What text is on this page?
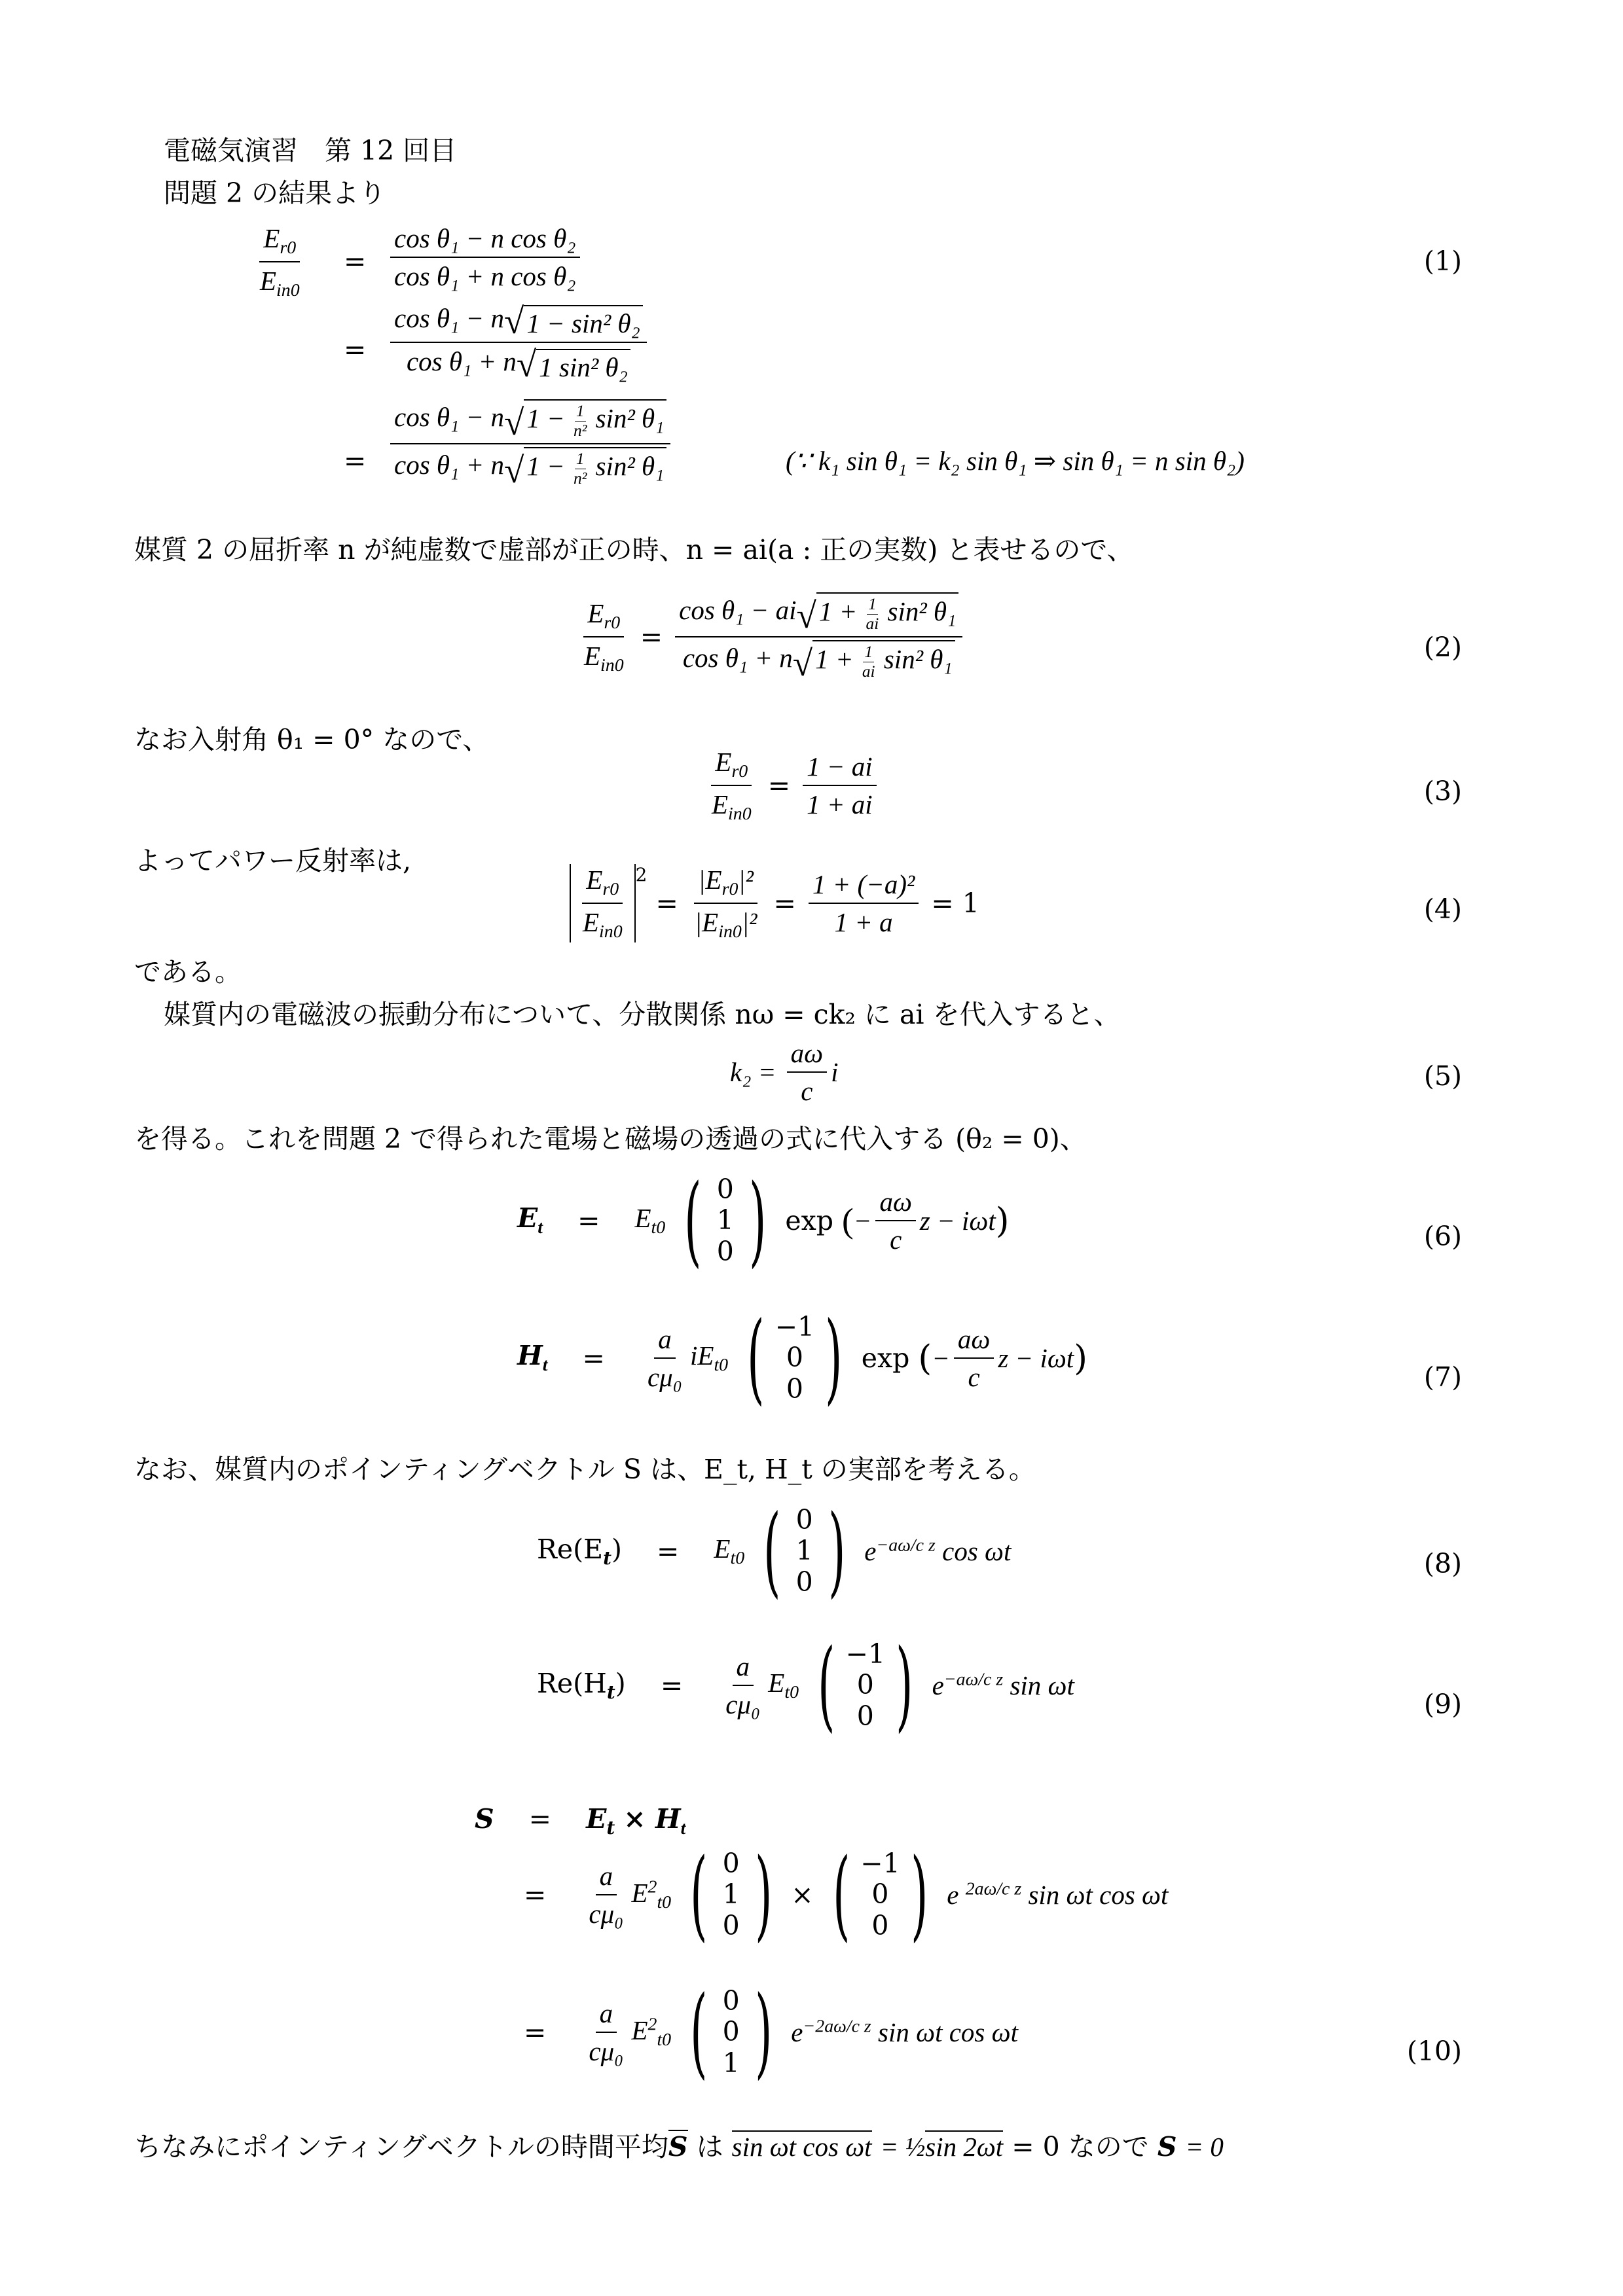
電磁気演習　第 12 回目
問題 2 の結果より
$\frac{E_{r0}}{E_{in0}} = \frac{\text{cos θ₁ − n cos θ₂}}{\text{cos θ₁ + n cos θ₂}}$	(1)
= $\frac{\text{cos θ₁ − n √ 1 − sin² θ₂}}{\text{cos θ₁ + n √ 1 sin² θ₂}}$
= $\frac{\cos \theta_1 - n √ 1 - \frac{1}{\text{n²}} \sin^2 \theta_1}{\cos \theta_1 + n √ 1 - \frac{1}{\text{n²}} \sin^2 \theta_1}$	(∵ k₁ sin θ₁ = k₂ sin θ₁ ⇒ sin θ₁ = n sin θ₂)
媒質 2 の屈折率 n が純虚数で虚部が正の時、n = ai(a : 正の実数) と表せるので、
$\frac{E_{r0}}{E_{in0}} = \frac{\cos \theta_1 - ai √ 1 + \frac{1}{ai} \sin^2 \theta_1}{\cos \theta_1 + n √ 1 + \frac{1}{ai} \sin^2 \theta_1}$	(2)
なお入射角 θ₁ = 0° なので、
$\frac{E_{r0}}{E_{in0}} = \frac{1 - ai}{1 + ai}$	(3)
よってパワー反射率は,
$\frac{E_{r0}}{E_{in0}} ^2 = \frac{|E_{r0}|^2}{|E_{in0}|^2} = \frac{\text{1 + (−a)²}}{1 + a} = 1$	(4)
である。
媒質内の電磁波の振動分布について、分散関係 nω = ck₂ に ai を代入すると、
$k_2 = \frac{a\omega}{c}$ i	(5)
を得る。これを問題 2 で得られた電場と磁場の透過の式に代入する (θ₂ = 0)、
$E_t = E_{t0}$ ( 0
1
0 ) exp (− $\frac{a\omega}{c}$ z − iωt)	(6)
$H_t = \frac{a}{\text{cμ₀}} iE_{t0}$ ( −1
0
0 ) exp (− $\frac{a\omega}{c}$ z − iωt)	(7)
なお、媒質内のポインティングベクトル S は、E_t, H_t の実部を考える。
$Re(E_t) = E_{t0}$ ( 0
1
0 ) $e^{-a\omega/c z}$ cos ωt	(8)
$Re(H_t) = \frac{a}{\text{cμ₀}} E_{t0}$ ( −1
0
0 ) $e^{-a\omega/c z}$ sin ωt
(9)
$S = E_t \times H_t$
= $\frac{a}{\text{cμ₀}} E^2_{t0}$ ( 0
1
0 ) × ( −1
0
0 ) e $^{2a\omega/c z}$ sin ωt cos ωt
= $\frac{a}{\text{cμ₀}} E^2_{t0}$ ( 0
0
1 ) $e^{-2a\omega/c z}$ sin ωt cos ωt
(10)
ちなみにポインティングベクトルの時間平均S は sin ωt cos ωt = ½sin 2ωt = 0 なので S = 0
